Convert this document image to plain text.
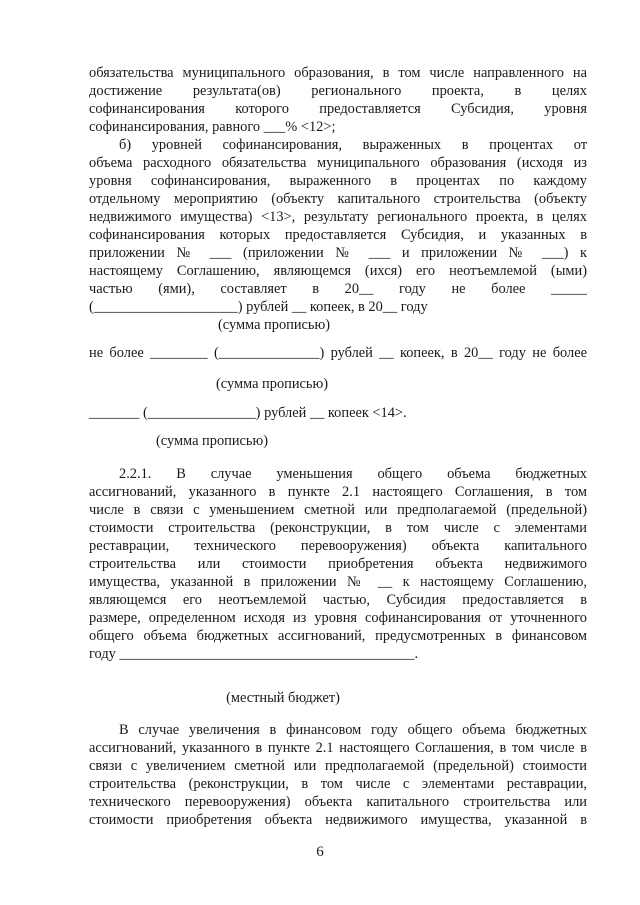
обязательства муниципального образования, в том числе направленного на
достижение результата(ов) регионального проекта, в целях
софинансирования которого предоставляется Субсидия, уровня
софинансирования, равного ___% <12>;
б) уровней софинансирования, выраженных в процентах от
объема расходного обязательства муниципального образования (исходя из
уровня софинансирования, выраженного в процентах по каждому
отдельному мероприятию (объекту капитального строительства (объекту
недвижимого имущества) <13>, результату регионального проекта, в целях
софинансирования которых предоставляется Субсидия, и указанных в
приложении № ___ (приложении № ___ и приложении № ___) к
настоящему Соглашению, являющемся (ихся) его неотъемлемой (ыми)
частью (ями), составляет в 20__ году не более _____
(____________________) рублей __ копеек, в 20__ году
(сумма прописью)
не более ________ (______________) рублей __ копеек, в 20__ году не более
(сумма прописью)
_______ (_______________) рублей __ копеек <14>.
(сумма прописью)
2.2.1. В случае уменьшения общего объема бюджетных
ассигнований, указанного в пункте 2.1 настоящего Соглашения, в том
числе в связи с уменьшением сметной или предполагаемой (предельной)
стоимости строительства (реконструкции, в том числе с элементами
реставрации, технического перевооружения) объекта капитального
строительства или стоимости приобретения объекта недвижимого
имущества, указанной в приложении № __ к настоящему Соглашению,
являющемся его неотъемлемой частью, Субсидия предоставляется в
размере, определенном исходя из уровня софинансирования от уточненного
общего объема бюджетных ассигнований, предусмотренных в финансовом
году _________________________________________.
(местный бюджет)
В случае увеличения в финансовом году общего объема бюджетных
ассигнований, указанного в пункте 2.1 настоящего Соглашения, в том числе в
связи с увеличением сметной или предполагаемой (предельной) стоимости
строительства (реконструкции, в том числе с элементами реставрации,
технического перевооружения) объекта капитального строительства или
стоимости приобретения объекта недвижимого имущества, указанной в
6
